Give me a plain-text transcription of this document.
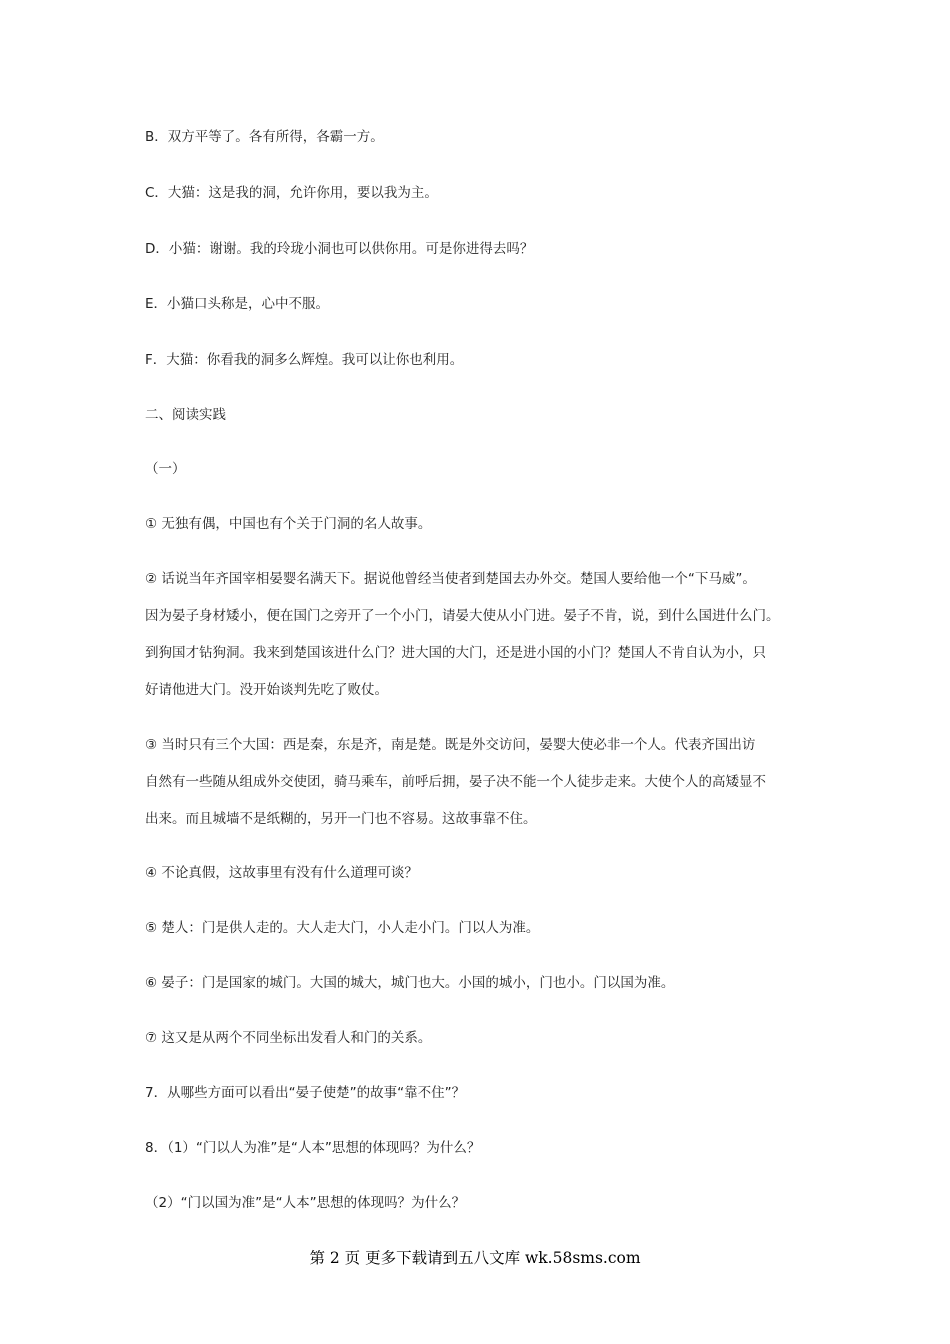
B．双方平等了。各有所得，各霸一方。
C．大猫：这是我的洞，允许你用，要以我为主。
D．小猫：谢谢。我的玲珑小洞也可以供你用。可是你进得去吗？
E．小猫口头称是，心中不服。
F．大猫：你看我的洞多么辉煌。我可以让你也利用。
二、阅读实践
（一）
① 无独有偶，中国也有个关于门洞的名人故事。
② 话说当年齐国宰相晏婴名满天下。据说他曾经当使者到楚国去办外交。楚国人要给他一个“下马威”。
因为晏子身材矮小，便在国门之旁开了一个小门，请晏大使从小门进。晏子不肯，说，到什么国进什么门。
到狗国才钻狗洞。我来到楚国该进什么门？进大国的大门，还是进小国的小门？楚国人不肯自认为小，只
好请他进大门。没开始谈判先吃了败仗。
③ 当时只有三个大国：西是秦，东是齐，南是楚。既是外交访问，晏婴大使必非一个人。代表齐国出访
自然有一些随从组成外交使团，骑马乘车，前呼后拥，晏子决不能一个人徒步走来。大使个人的高矮显不
出来。而且城墙不是纸糊的，另开一门也不容易。这故事靠不住。
④ 不论真假，这故事里有没有什么道理可谈？
⑤ 楚人：门是供人走的。大人走大门，小人走小门。门以人为准。
⑥ 晏子：门是国家的城门。大国的城大，城门也大。小国的城小，门也小。门以国为准。
⑦ 这又是从两个不同坐标出发看人和门的关系。
7．从哪些方面可以看出“晏子使楚”的故事“靠不住”？
8．（1）“门以人为准”是“人本”思想的体现吗？为什么？
（2）“门以国为准”是“人本”思想的体现吗？为什么？
第 2 页 更多下载请到五八文库 wk.58sms.com
